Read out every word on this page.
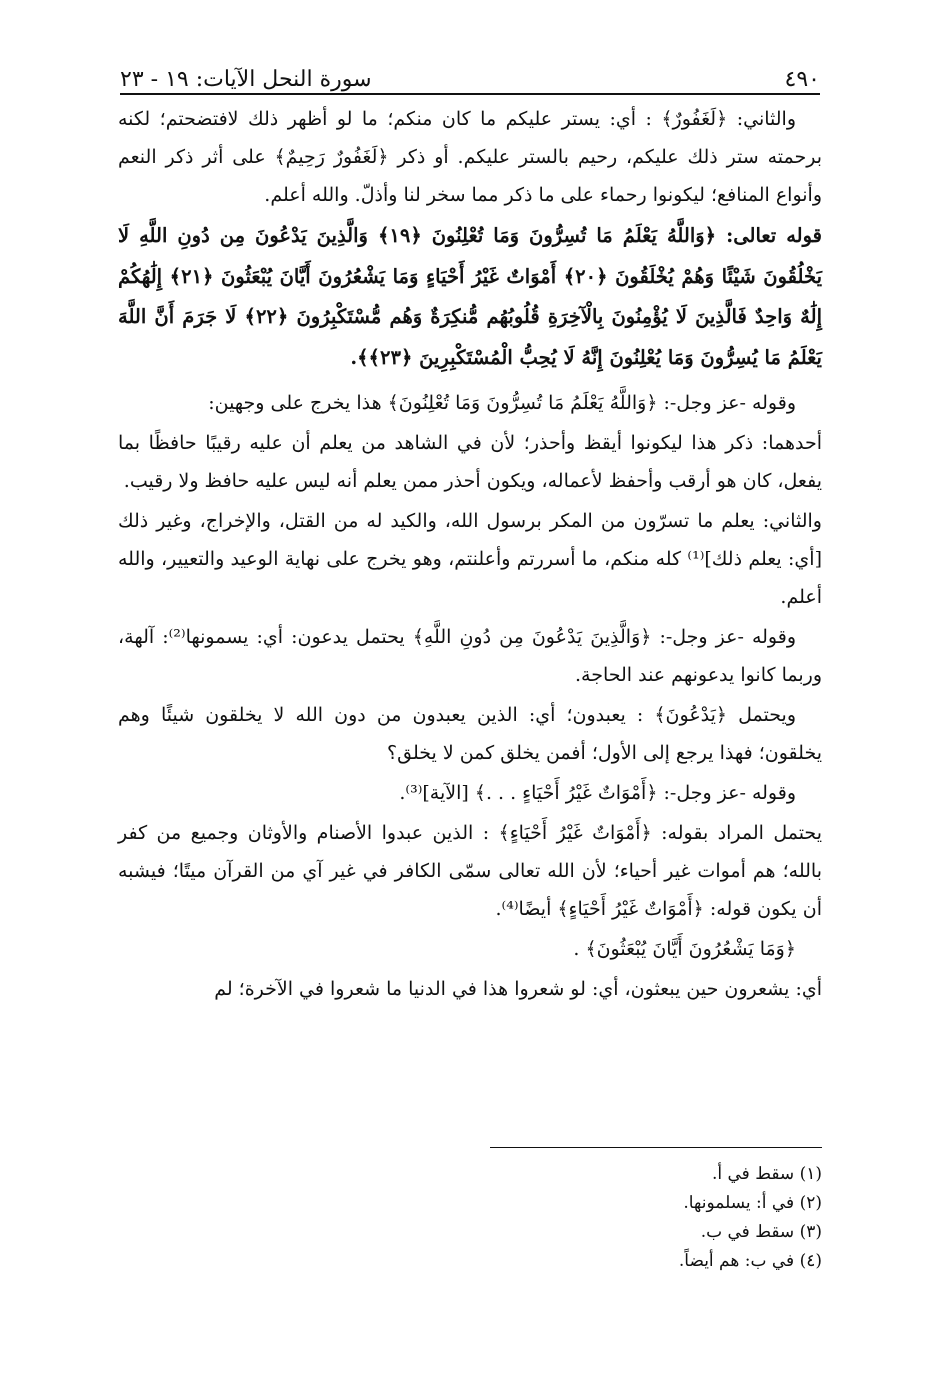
٤٩٠
سورة النحل الآيات: ١٩ - ٢٣

والثاني: ﴿لَغَفُورٌ﴾ : أي: يستر عليكم ما كان منكم؛ ما لو أظهر ذلك لافتضحتم؛ لكنه برحمته ستر ذلك عليكم، رحيم بالستر عليكم. أو ذكر ﴿لَغَفُورٌ رَحِيمٌ﴾ على أثر ذكر النعم وأنواع المنافع؛ ليكونوا رحماء على ما ذكر مما سخر لنا وأذلّ. والله أعلم.

قوله تعالى: ﴿وَاللَّهُ يَعْلَمُ مَا تُسِرُّونَ وَمَا تُعْلِنُونَ ﴿١٩﴾ وَالَّذِينَ يَدْعُونَ مِن دُونِ اللَّهِ لَا يَخْلُقُونَ شَيْئًا وَهُمْ يُخْلَقُونَ ﴿٢٠﴾ أَمْوَاتٌ غَيْرُ أَحْيَاءٍ وَمَا يَشْعُرُونَ أَيَّانَ يُبْعَثُونَ ﴿٢١﴾ إِلَٰهُكُمْ إِلَٰهٌ وَاحِدٌ فَالَّذِينَ لَا يُؤْمِنُونَ بِالْآخِرَةِ قُلُوبُهُم مُّنكِرَةٌ وَهُم مُّسْتَكْبِرُونَ ﴿٢٢﴾ لَا جَرَمَ أَنَّ اللَّهَ يَعْلَمُ مَا يُسِرُّونَ وَمَا يُعْلِنُونَ إِنَّهُ لَا يُحِبُّ الْمُسْتَكْبِرِينَ ﴿٢٣﴾﴾.

وقوله -عز وجل-: ﴿وَاللَّهُ يَعْلَمُ مَا تُسِرُّونَ وَمَا تُعْلِنُونَ﴾ هذا يخرج على وجهين:

أحدهما: ذكر هذا ليكونوا أيقظ وأحذر؛ لأن في الشاهد من يعلم أن عليه رقيبًا حافظًا بما يفعل، كان هو أرقب وأحفظ لأعماله، ويكون أحذر ممن يعلم أنه ليس عليه حافظ ولا رقيب.

والثاني: يعلم ما تسرّون من المكر برسول الله، والكيد له من القتل، والإخراج، وغير ذلك [أي: يعلم ذلك]⁽¹⁾ كله منكم، ما أسررتم وأعلنتم، وهو يخرج على نهاية الوعيد والتعيير، والله أعلم.

وقوله -عز وجل-: ﴿وَالَّذِينَ يَدْعُونَ مِن دُونِ اللَّهِ﴾ يحتمل يدعون: أي: يسمونها⁽²⁾: آلهة، وربما كانوا يدعونهم عند الحاجة.

ويحتمل ﴿يَدْعُونَ﴾ : يعبدون؛ أي: الذين يعبدون من دون الله لا يخلقون شيئًا وهم يخلقون؛ فهذا يرجع إلى الأول؛ أفمن يخلق كمن لا يخلق؟

وقوله -عز وجل-: ﴿أَمْوَاتٌ غَيْرُ أَحْيَاءٍ . . .﴾ [الآية]⁽³⁾.

يحتمل المراد بقوله: ﴿أَمْوَاتٌ غَيْرُ أَحْيَاءٍ﴾ : الذين عبدوا الأصنام والأوثان وجميع من كفر بالله؛ هم أموات غير أحياء؛ لأن الله تعالى سمّى الكافر في غير آي من القرآن ميتًا؛ فيشبه أن يكون قوله: ﴿أَمْوَاتٌ غَيْرُ أَحْيَاءٍ﴾ أيضًا⁽⁴⁾.

﴿وَمَا يَشْعُرُونَ أَيَّانَ يُبْعَثُونَ﴾ .

أي: يشعرون حين يبعثون، أي: لو شعروا هذا في الدنيا ما شعروا في الآخرة؛ لم

(١) سقط في أ.
(٢) في أ: يسلمونها.
(٣) سقط في ب.
(٤) في ب: هم أيضاً.
